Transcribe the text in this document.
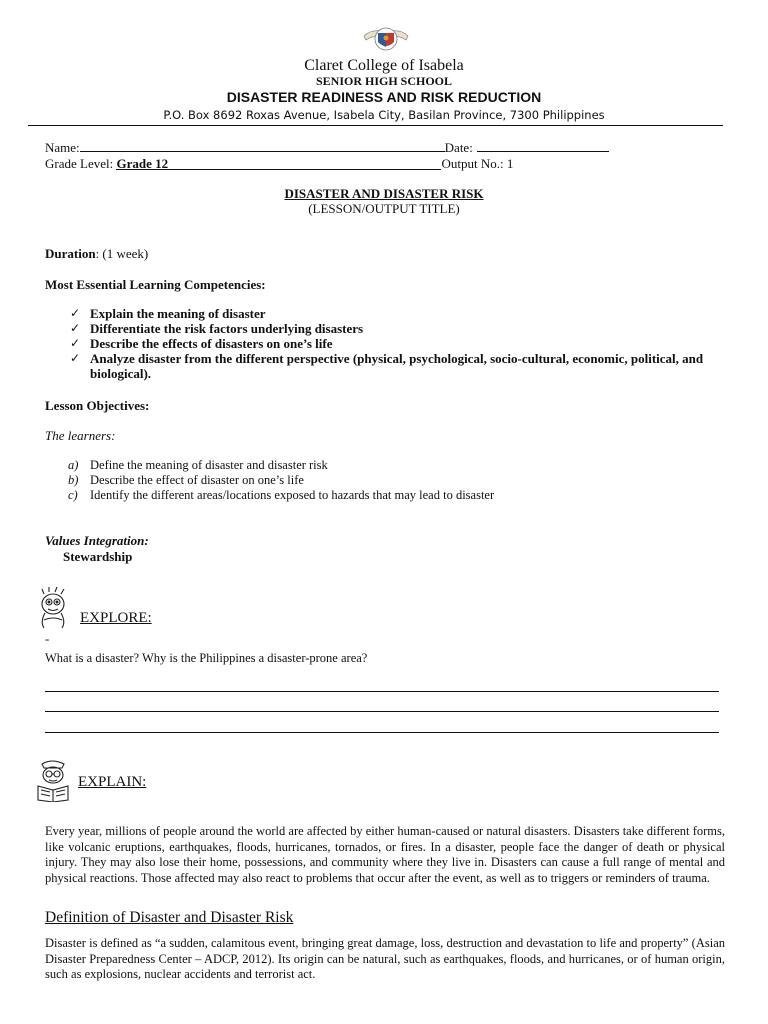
Claret College of Isabela
SENIOR HIGH SCHOOL
DISASTER READINESS AND RISK REDUCTION
P.O. Box 8692 Roxas Avenue, Isabela City, Basilan Province, 7300 Philippines
Name:	Date:
Grade Level: Grade 12	Output No.: 1
DISASTER AND DISASTER RISK
(LESSON/OUTPUT TITLE)
Duration: (1 week)
Most Essential Learning Competencies:
✓ Explain the meaning of disaster
✓ Differentiate the risk factors underlying disasters
✓ Describe the effects of disasters on one’s life
✓ Analyze disaster from the different perspective (physical, psychological, socio-cultural, economic, political, and biological).
Lesson Objectives:
The learners:
a) Define the meaning of disaster and disaster risk
b) Describe the effect of disaster on one’s life
c) Identify the different areas/locations exposed to hazards that may lead to disaster
Values Integration:
Stewardship
EXPLORE:
-
What is a disaster? Why is the Philippines a disaster-prone area?
EXPLAIN:
Every year, millions of people around the world are affected by either human-caused or natural disasters. Disasters take different forms, like volcanic eruptions, earthquakes, floods, hurricanes, tornados, or fires. In a disaster, people face the danger of death or physical injury. They may also lose their home, possessions, and community where they live in. Disasters can cause a full range of mental and physical reactions. Those affected may also react to problems that occur after the event, as well as to triggers or reminders of trauma.
Definition of Disaster and Disaster Risk
Disaster is defined as “a sudden, calamitous event, bringing great damage, loss, destruction and devastation to life and property” (Asian Disaster Preparedness Center – ADCP, 2012). Its origin can be natural, such as earthquakes, floods, and hurricanes, or of human origin, such as explosions, nuclear accidents and terrorist act.
